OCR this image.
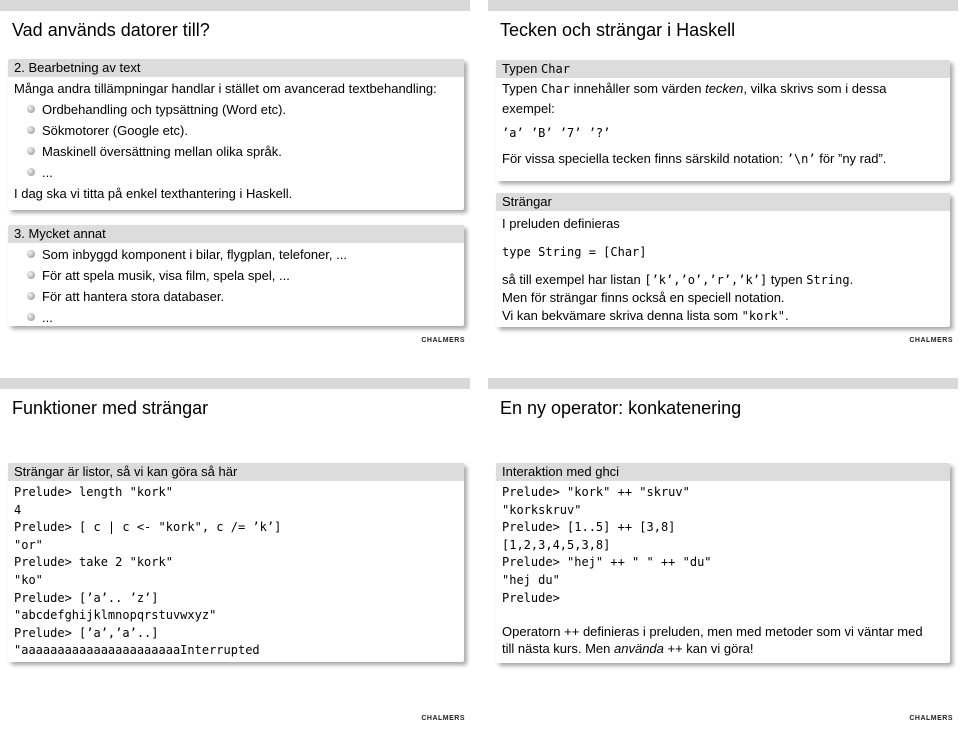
Vad används datorer till?
2. Bearbetning av text
Många andra tillämpningar handlar i stället om avancerad textbehandling:
Ordbehandling och typsättning (Word etc).
Sökmotorer (Google etc).
Maskinell översättning mellan olika språk.
...
I dag ska vi titta på enkel texthantering i Haskell.
3. Mycket annat
Som inbyggd komponent i bilar, flygplan, telefoner, ...
För att spela musik, visa film, spela spel, ...
För att hantera stora databaser.
...
CHALMERS
Tecken och strängar i Haskell
Typen Char
Typen Char innehåller som värden tecken, vilka skrivs som i dessa
exempel:
’a’ ’B’ ’7’ ’?’
För vissa speciella tecken finns särskild notation: ’\n’ för ”ny rad”.
Strängar
I preluden definieras
type String = [Char]
så till exempel har listan [’k’,’o’,’r’,’k’] typen String.
Men för strängar finns också en speciell notation.
Vi kan bekvämare skriva denna lista som "kork".
CHALMERS
Funktioner med strängar
Strängar är listor, så vi kan göra så här
Prelude> length "kork"
4
Prelude> [ c | c <- "kork", c /= ’k’]
"or"
Prelude> take 2 "kork"
"ko"
Prelude> [’a’.. ’z’]
"abcdefghijklmnopqrstuvwxyz"
Prelude> [’a’,’a’..]
"aaaaaaaaaaaaaaaaaaaaaaInterrupted
CHALMERS
En ny operator: konkatenering
Interaktion med ghci
Prelude> "kork" ++ "skruv"
"korkskruv"
Prelude> [1..5] ++ [3,8]
[1,2,3,4,5,3,8]
Prelude> "hej" ++ " " ++ "du"
"hej du"
Prelude>
Operatorn ++ definieras i preluden, men med metoder som vi väntar med
till nästa kurs. Men använda ++ kan vi göra!
CHALMERS
